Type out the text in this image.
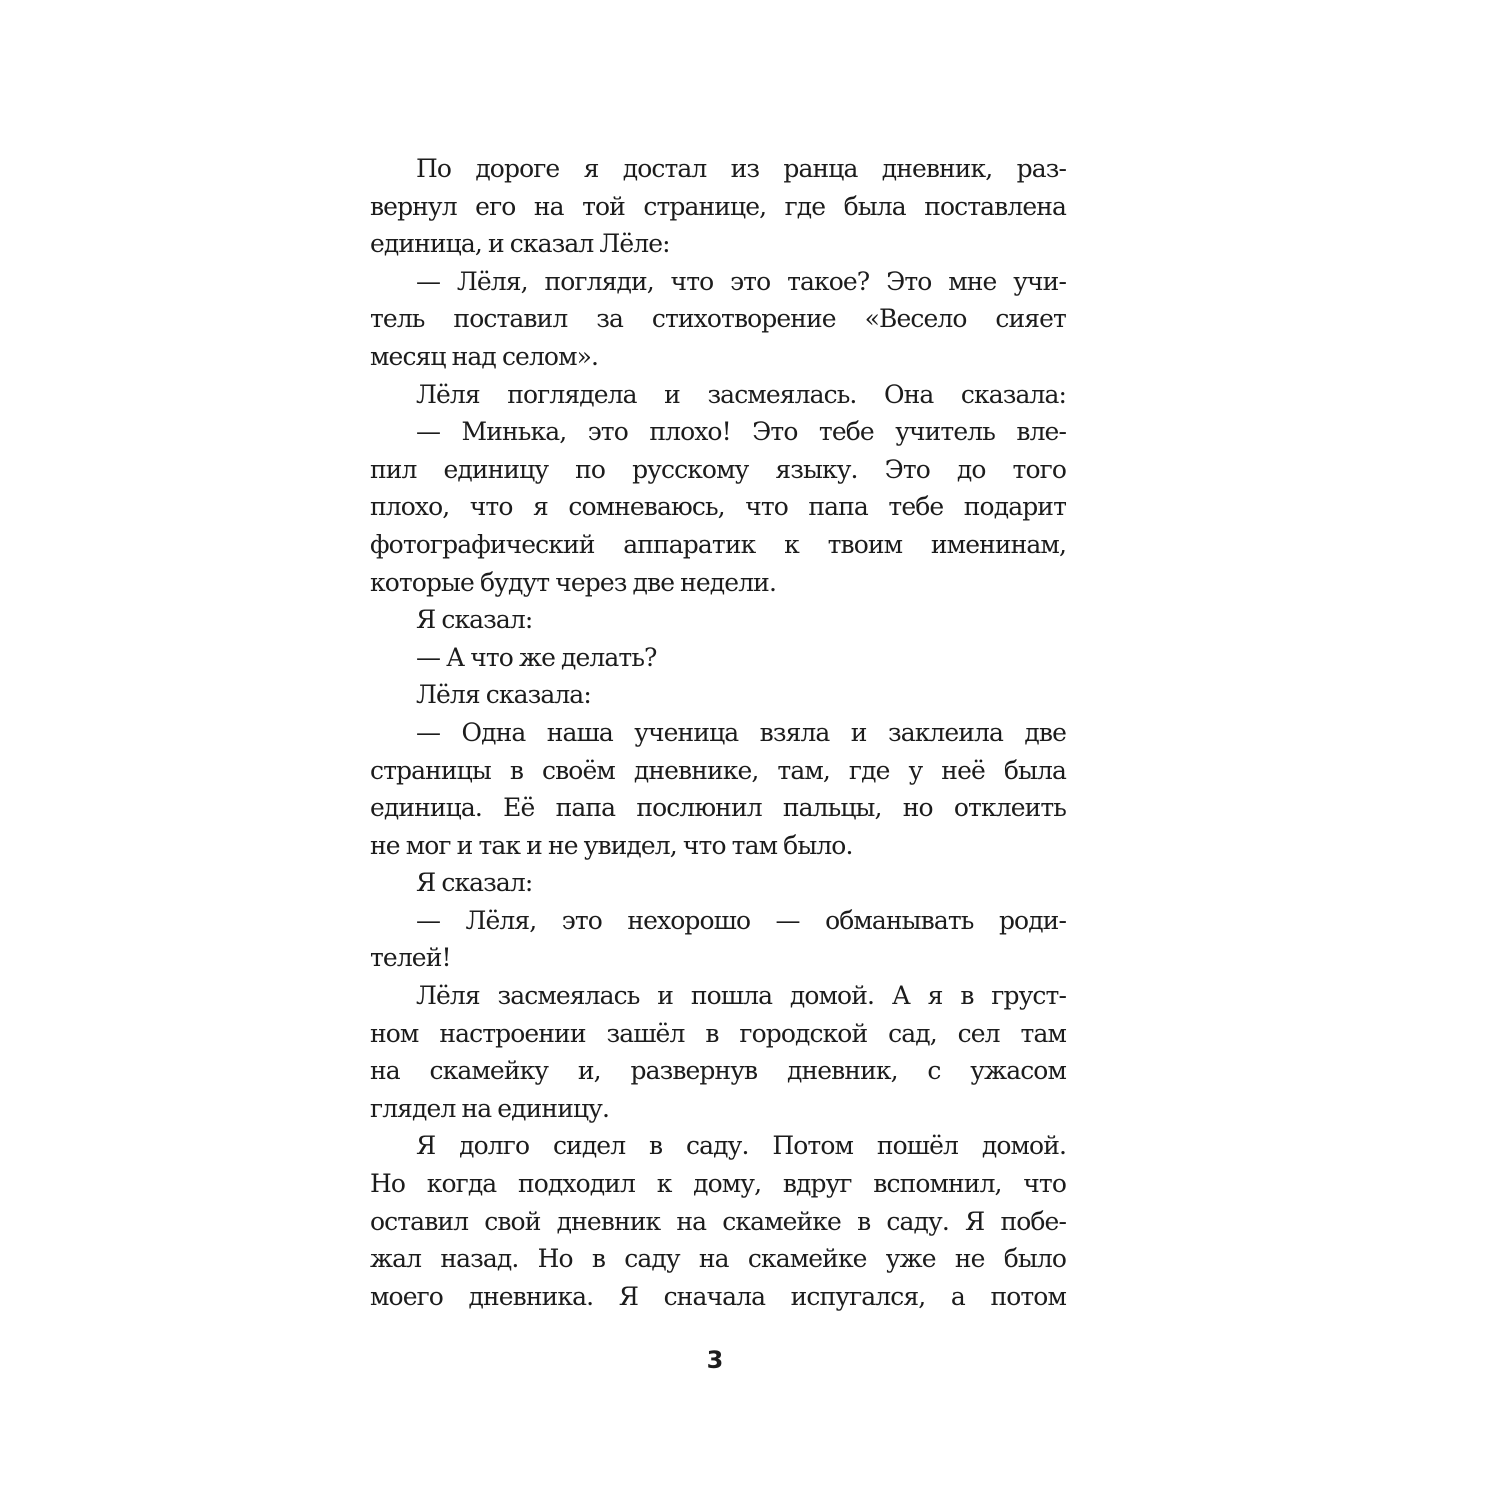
По дороге я достал из ранца дневник, раз-
вернул его на той странице, где была поставлена
единица, и сказал Лёле:
— Лёля, погляди, что это такое? Это мне учи-
тель поставил за стихотворение «Весело сияет
месяц над селом».
Лёля поглядела и засмеялась. Она сказала:
— Минька, это плохо! Это тебе учитель вле-
пил единицу по русскому языку. Это до того
плохо, что я сомневаюсь, что папа тебе подарит
фотографический аппаратик к твоим именинам,
которые будут через две недели.
Я сказал:
— А что же делать?
Лёля сказала:
— Одна наша ученица взяла и заклеила две
страницы в своём дневнике, там, где у неё была
единица. Её папа послюнил пальцы, но отклеить
не мог и так и не увидел, что там было.
Я сказал:
— Лёля, это нехорошо — обманывать роди-
телей!
Лёля засмеялась и пошла домой. А я в груст-
ном настроении зашёл в городской сад, сел там
на скамейку и, развернув дневник, с ужасом
глядел на единицу.
Я долго сидел в саду. Потом пошёл домой.
Но когда подходил к дому, вдруг вспомнил, что
оставил свой дневник на скамейке в саду. Я побе-
жал назад. Но в саду на скамейке уже не было
моего дневника. Я сначала испугался, а потом
3
